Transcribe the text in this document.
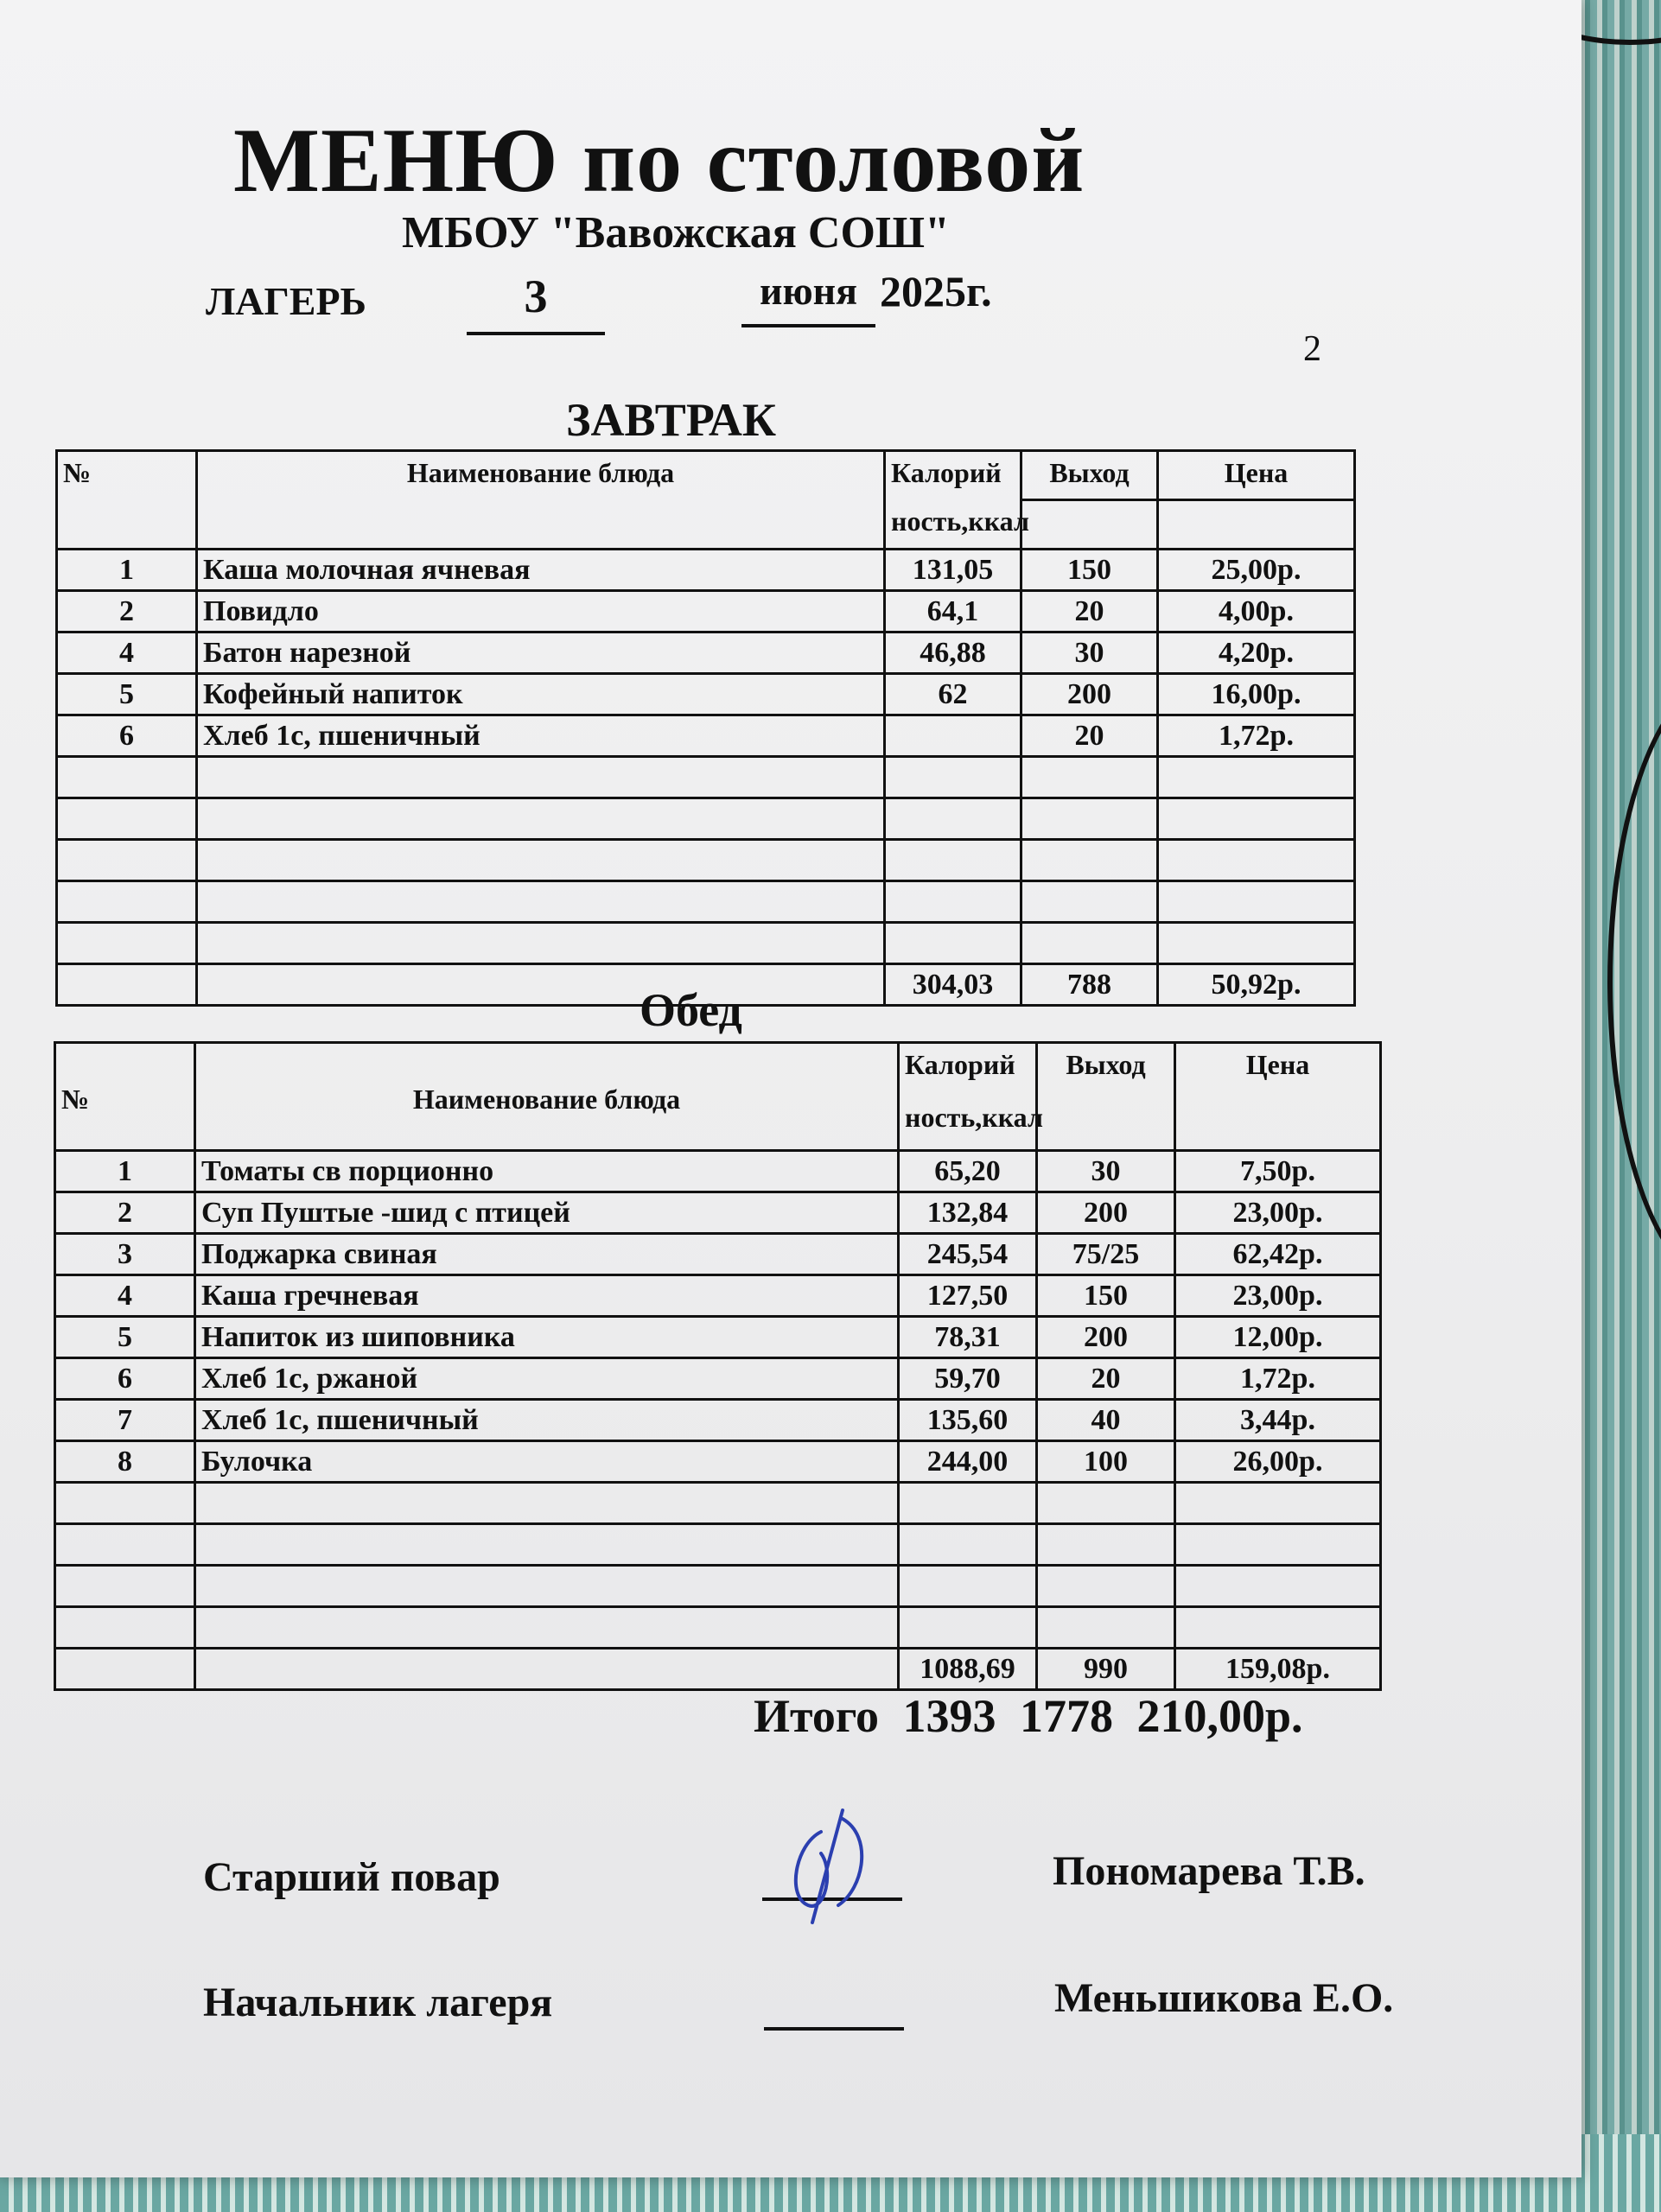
МЕНЮ по столовой
МБОУ "Вавожская СОШ"
ЛАГЕРЬ	3	июня 2025г.
2
ЗАВТРАК
№	Наименование блюда	Калорий	Выход	Цена
		ность,ккал		
1	Каша молочная ячневая	131,05	150	25,00р.
2	Повидло	64,1	20	4,00р.
4	Батон нарезной	46,88	30	4,20р.
5	Кофейный напиток	62	200	16,00р.
6	Хлеб 1с, пшеничный		20	1,72р.

		304,03	788	50,92р.
Обед
№	Наименование блюда	Калорий	Выход	Цена
		ность,ккал		
1	Томаты св порционно	65,20	30	7,50р.
2	Суп Пуштые -шид с птицей	132,84	200	23,00р.
3	Поджарка свиная	245,54	75/25	62,42р.
4	Каша гречневая	127,50	150	23,00р.
5	Напиток из шиповника	78,31	200	12,00р.
6	Хлеб 1с, ржаной	59,70	20	1,72р.
7	Хлеб 1с, пшеничный	135,60	40	3,44р.
8	Булочка	244,00	100	26,00р.

		1088,69	990	159,08р.
Итого 1393 1778 210,00р.
Старший повар	Пономарева Т.В.
Начальник лагеря	Меньшикова Е.О.
